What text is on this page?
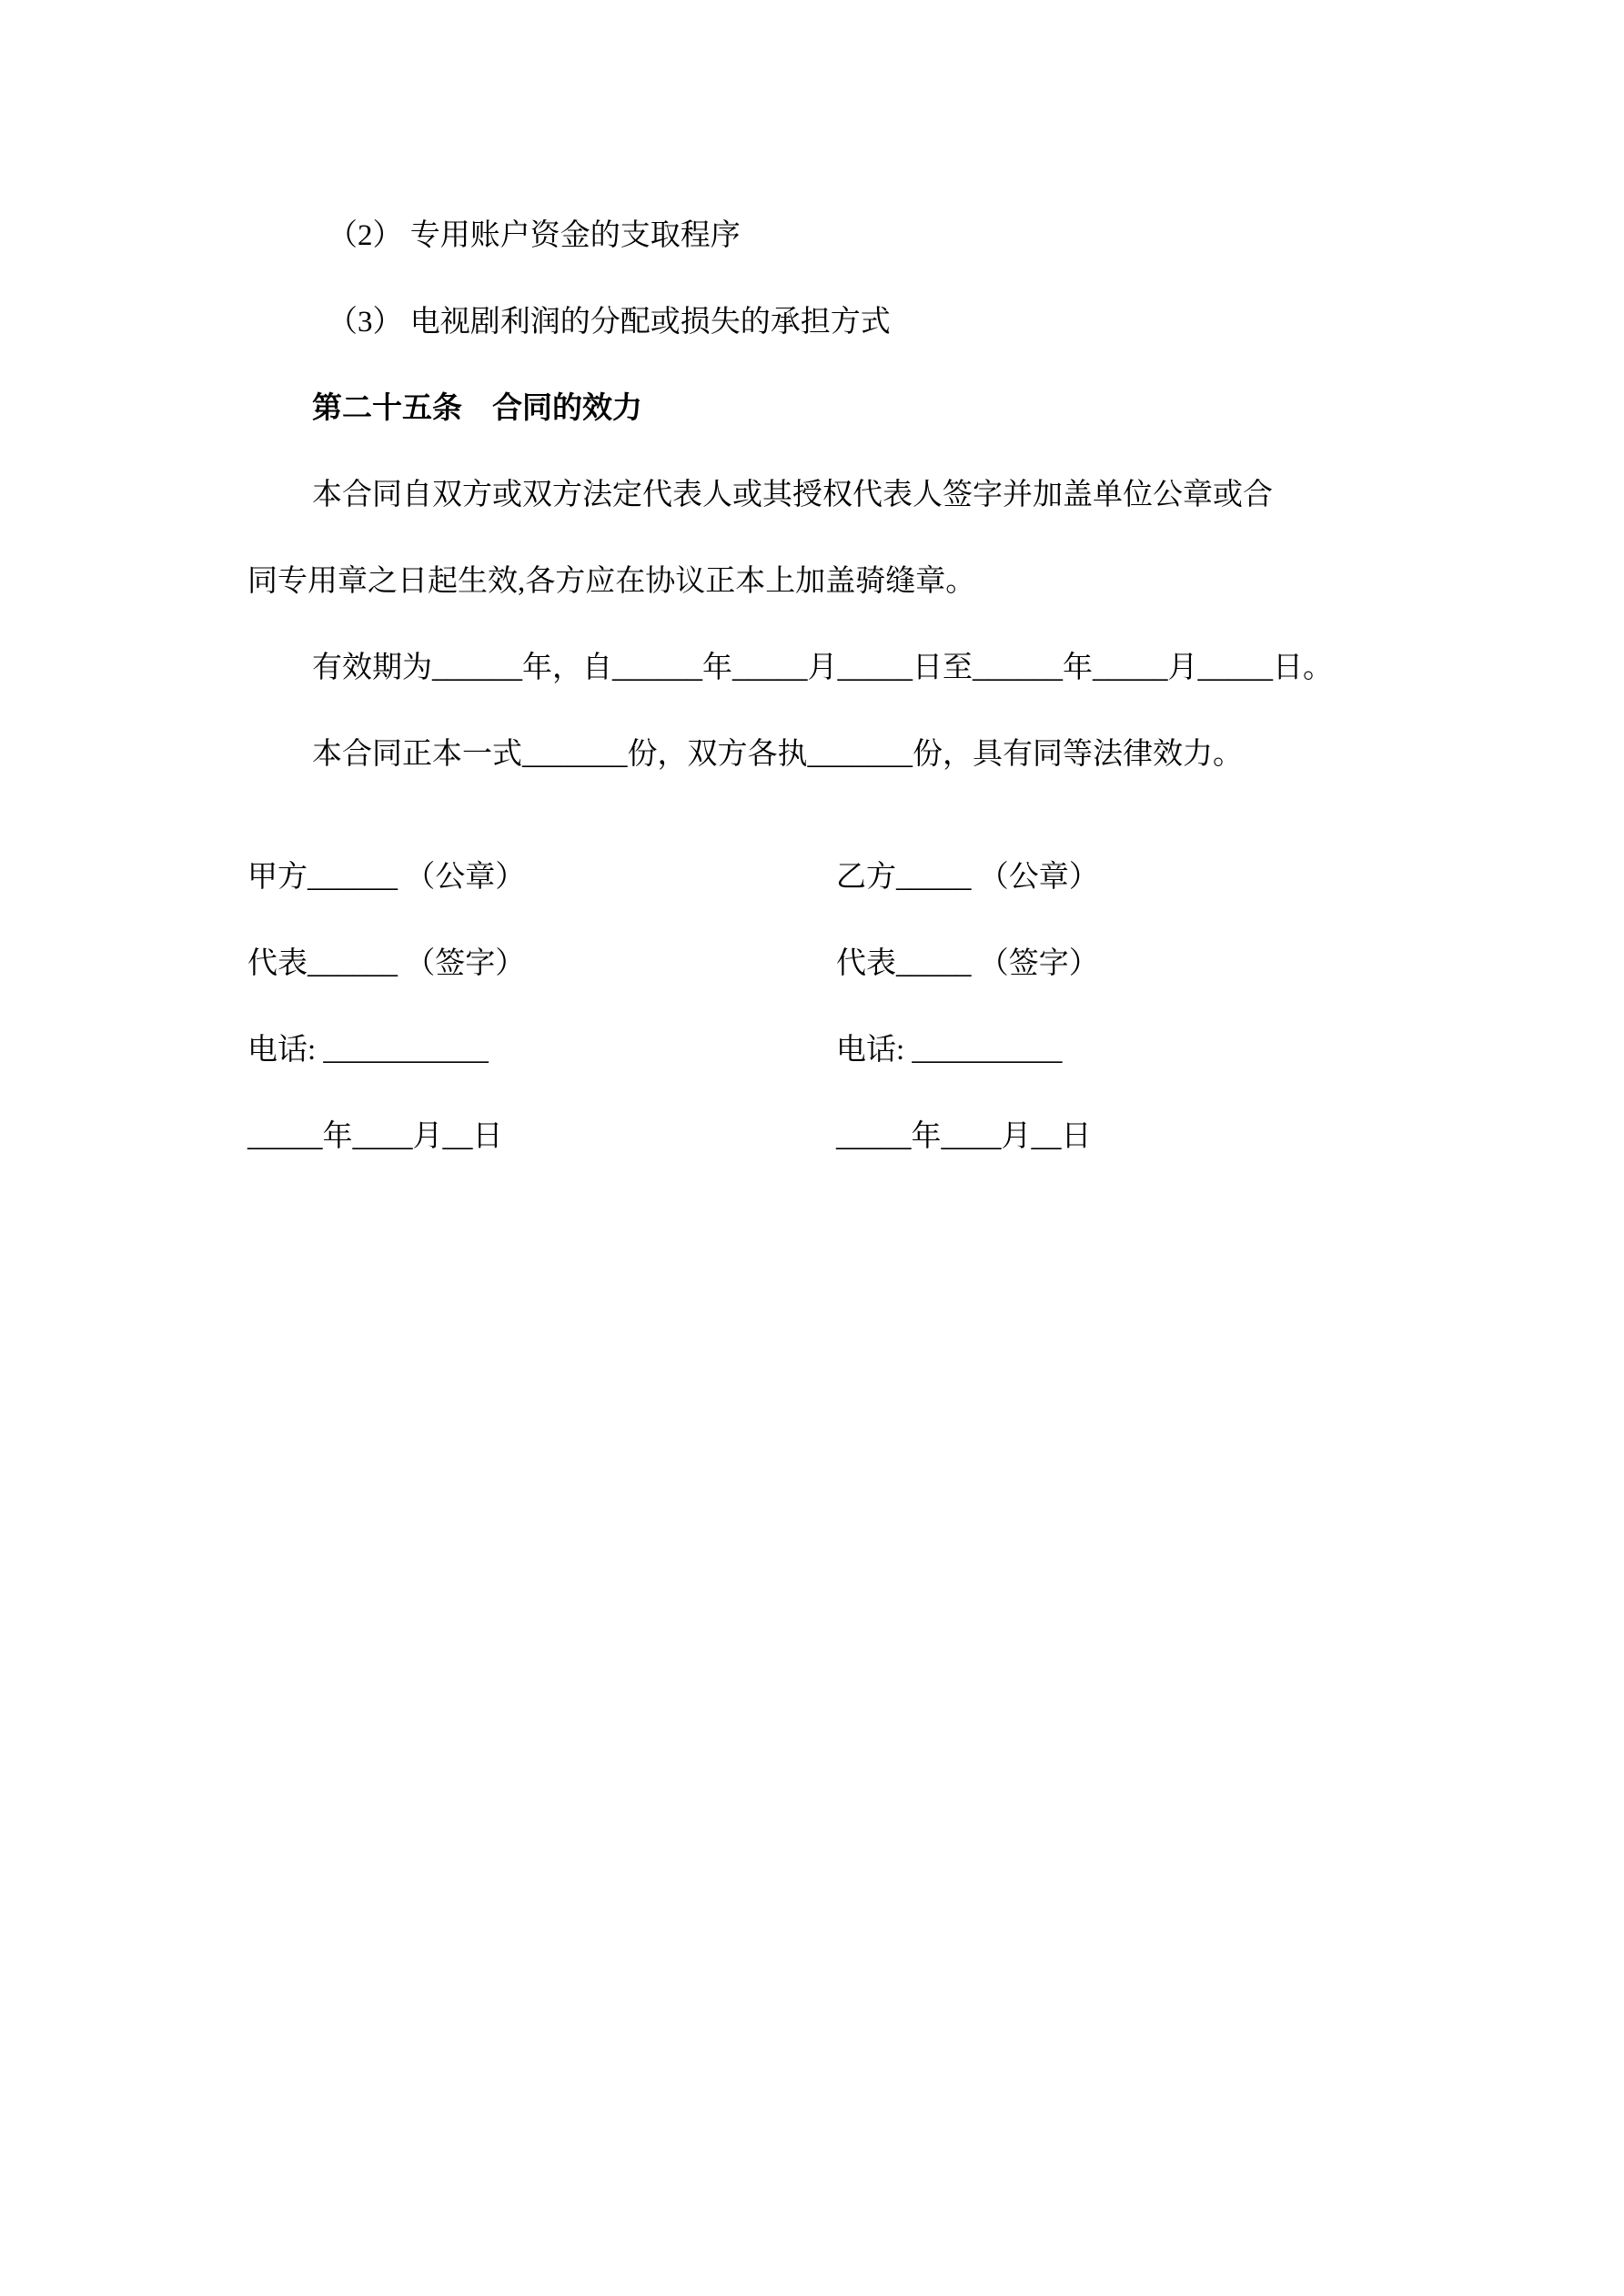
（2） 专用账户资金的支取程序
（3） 电视剧利润的分配或损失的承担方式
第二十五条　合同的效力
本合同自双方或双方法定代表人或其授权代表人签字并加盖单位公章或合
同专用章之日起生效,各方应在协议正本上加盖骑缝章。
有效期为______年，自______年_____月_____日至______年_____月_____日。
本合同正本一式_______份，双方各执_______份，具有同等法律效力。
甲方______ （公章）
代表______ （签字）
电话: ___________
_____年____月__日
乙方_____ （公章）
代表_____ （签字）
电话: __________
_____年____月__日
